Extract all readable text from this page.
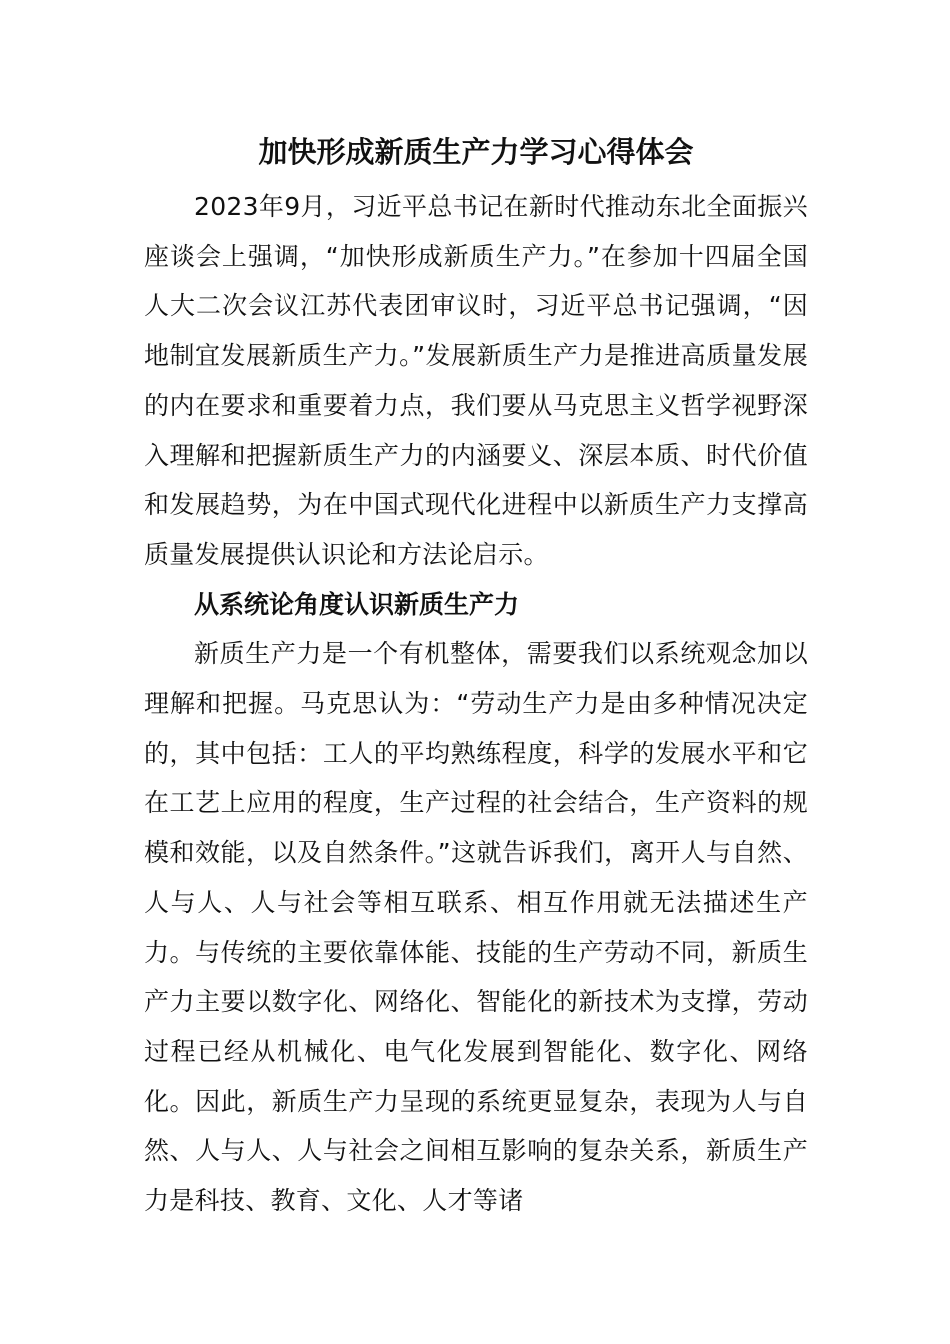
加快形成新质生产力学习心得体会

2023年9月，习近平总书记在新时代推动东北全面振兴座谈会上强调，“加快形成新质生产力。”在参加十四届全国人大二次会议江苏代表团审议时，习近平总书记强调，“因地制宜发展新质生产力。”发展新质生产力是推进高质量发展的内在要求和重要着力点，我们要从马克思主义哲学视野深入理解和把握新质生产力的内涵要义、深层本质、时代价值和发展趋势，为在中国式现代化进程中以新质生产力支撑高质量发展提供认识论和方法论启示。

从系统论角度认识新质生产力

新质生产力是一个有机整体，需要我们以系统观念加以理解和把握。马克思认为：“劳动生产力是由多种情况决定的，其中包括：工人的平均熟练程度，科学的发展水平和它在工艺上应用的程度，生产过程的社会结合，生产资料的规模和效能，以及自然条件。”这就告诉我们，离开人与自然、人与人、人与社会等相互联系、相互作用就无法描述生产力。与传统的主要依靠体能、技能的生产劳动不同，新质生产力主要以数字化、网络化、智能化的新技术为支撑，劳动过程已经从机械化、电气化发展到智能化、数字化、网络化。因此，新质生产力呈现的系统更显复杂，表现为人与自然、人与人、人与社会之间相互影响的复杂关系，新质生产力是科技、教育、文化、人才等诸
